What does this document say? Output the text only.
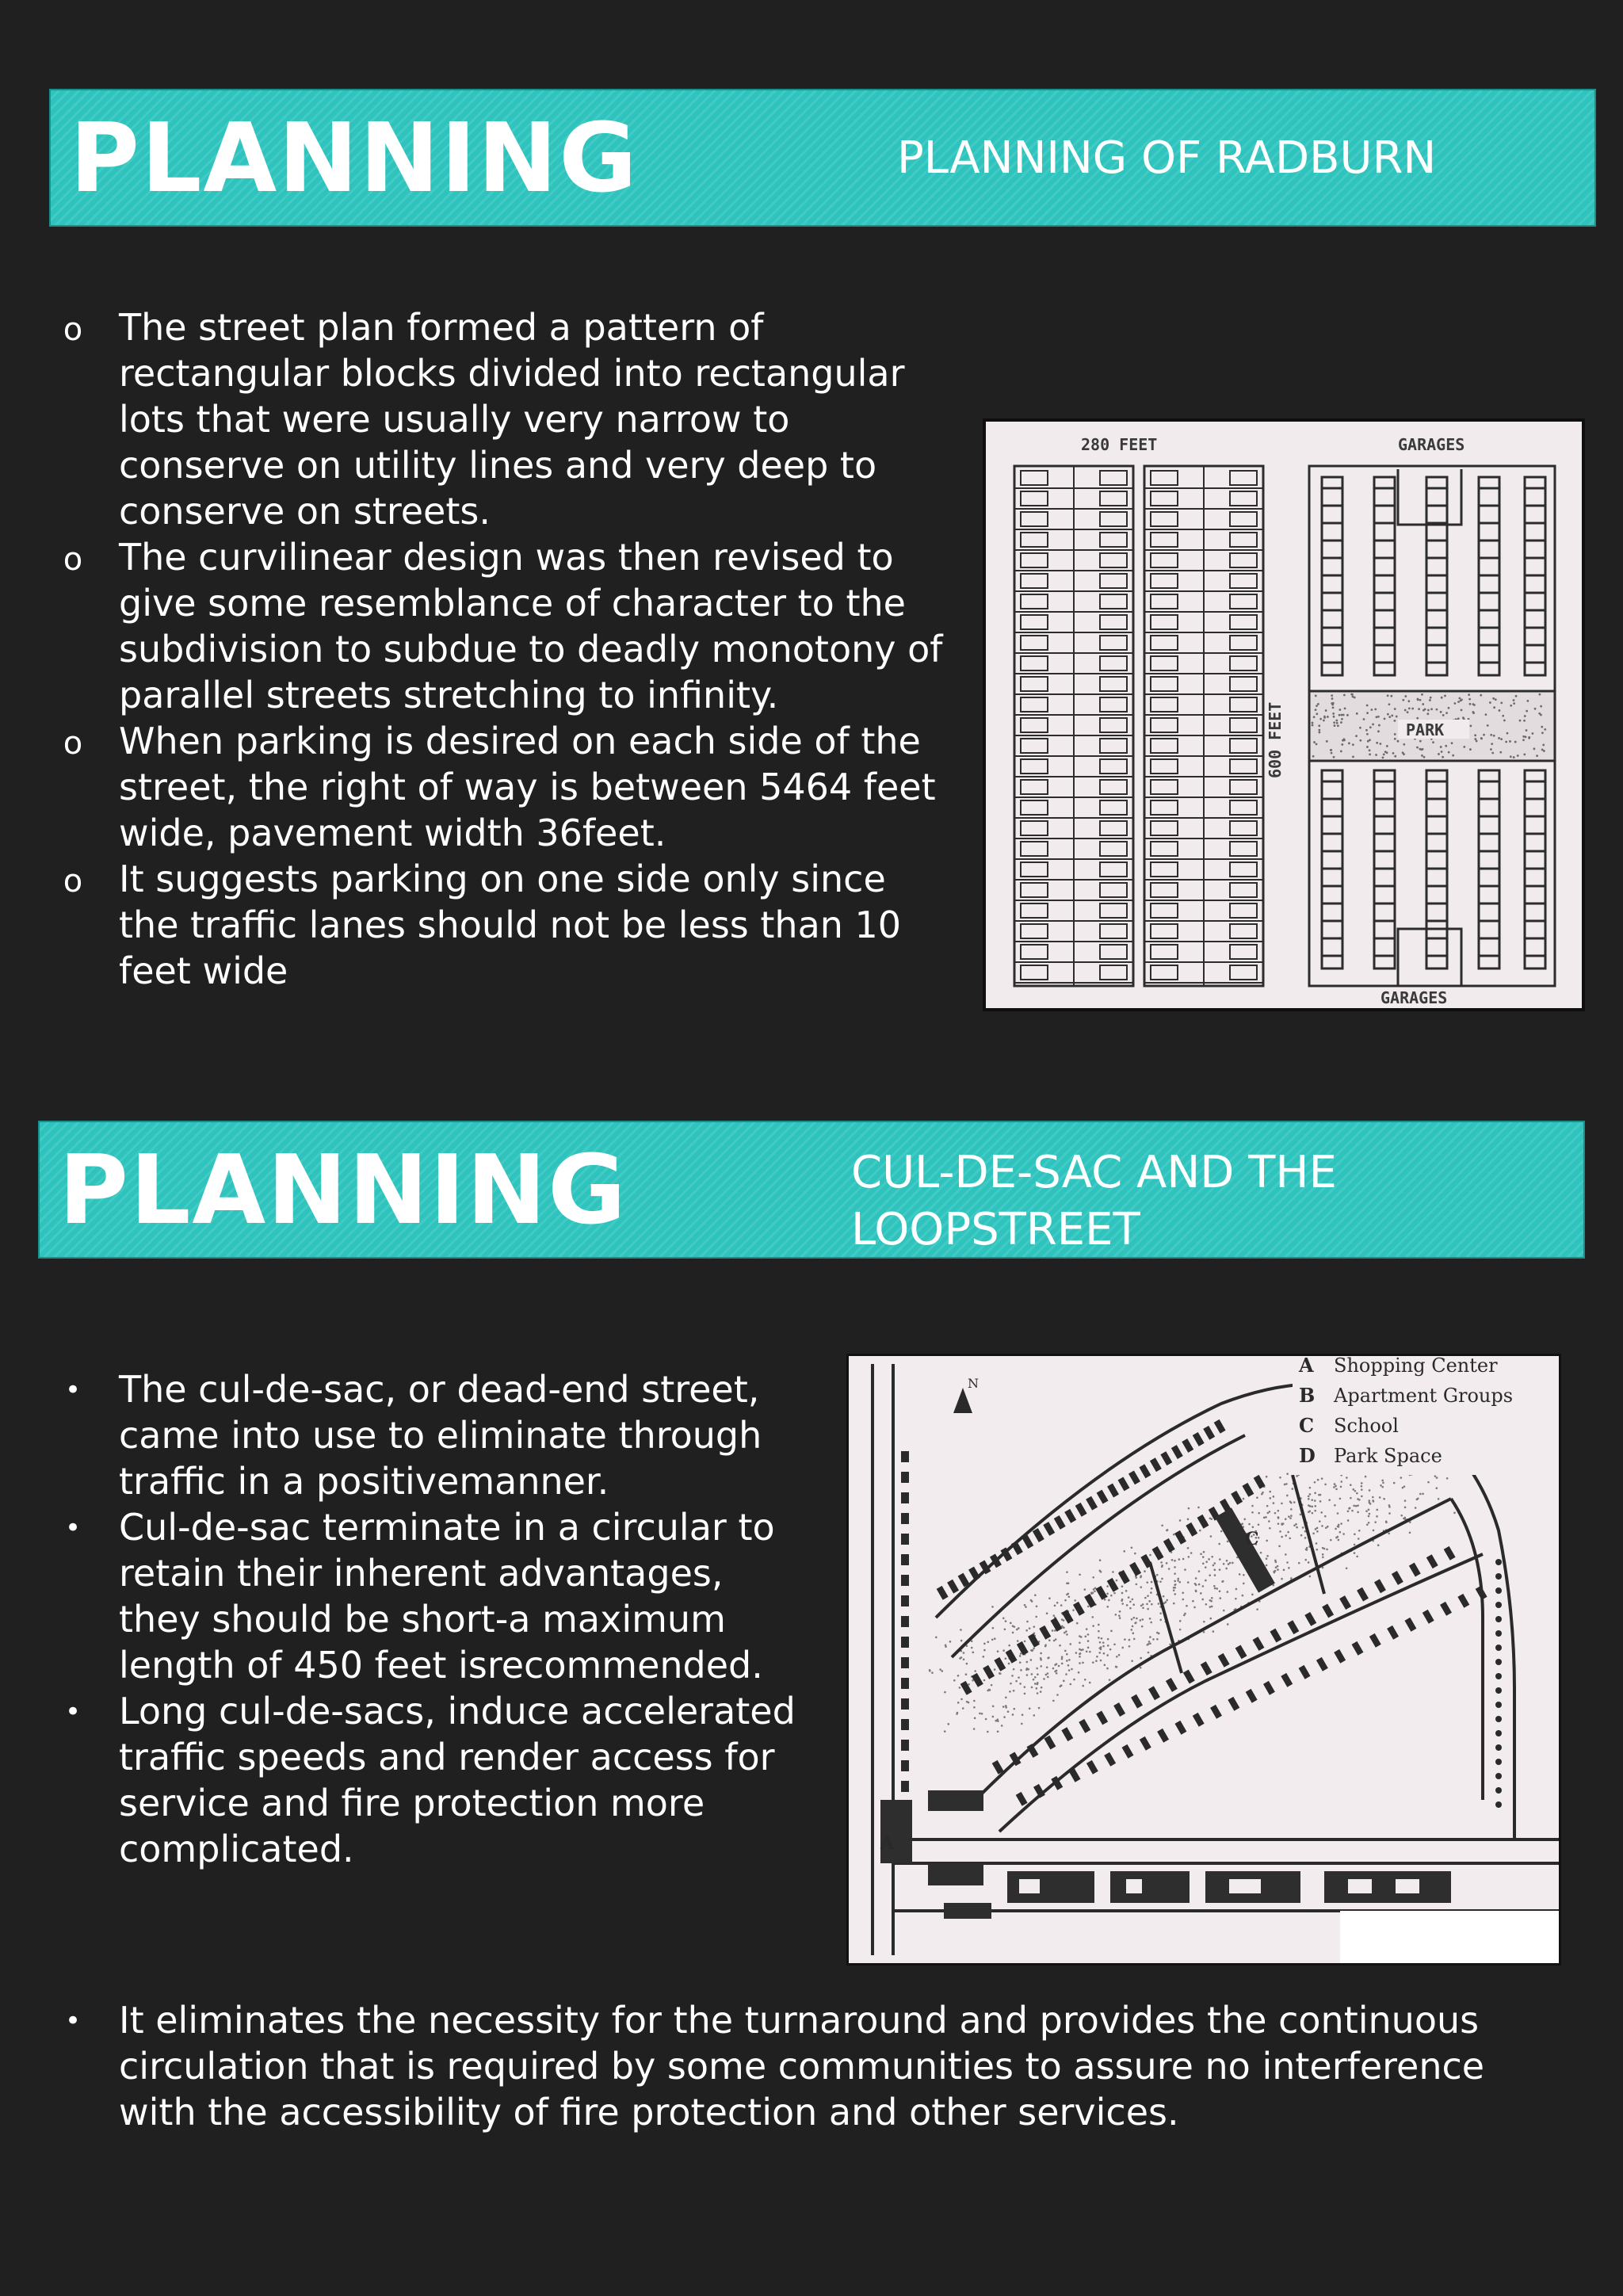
PLANNING	PLANNING OF RADBURN
o The street plan formed a pattern of rectangular blocks divided into rectangular lots that were usually very narrow to conserve on utility lines and very deep to conserve on streets.
o The curvilinear design was then revised to give some resemblance of character to the subdivision to subdue to deadly monotony of parallel streets stretching to infinity.
o When parking is desired on each side of the street, the right of way is between 5464 feet wide, pavement width 36feet.
o It suggests parking on one side only since the traffic lanes should not be less than 10 feet wide
280 FEET
600 FEET	PARK
GARAGES
GARAGES
PLANNING	CUL-DE-SAC AND THE LOOPSTREET
• The cul-de-sac, or dead-end street, came into use to eliminate through traffic in a positivemanner.
• Cul-de-sac terminate in a circular to retain their inherent advantages, they should be short-a maximum length of 450 feet isrecommended.
• Long cul-de-sacs, induce accelerated traffic speeds and render access for service and fire protection more complicated.
• It eliminates the necessity for the turnaround and provides the continuous circulation that is required by some communities to assure no interference with the accessibility of fire protection and other services.
A
C
N
A Shopping Center
B Apartment Groups
C School
D Park Space
